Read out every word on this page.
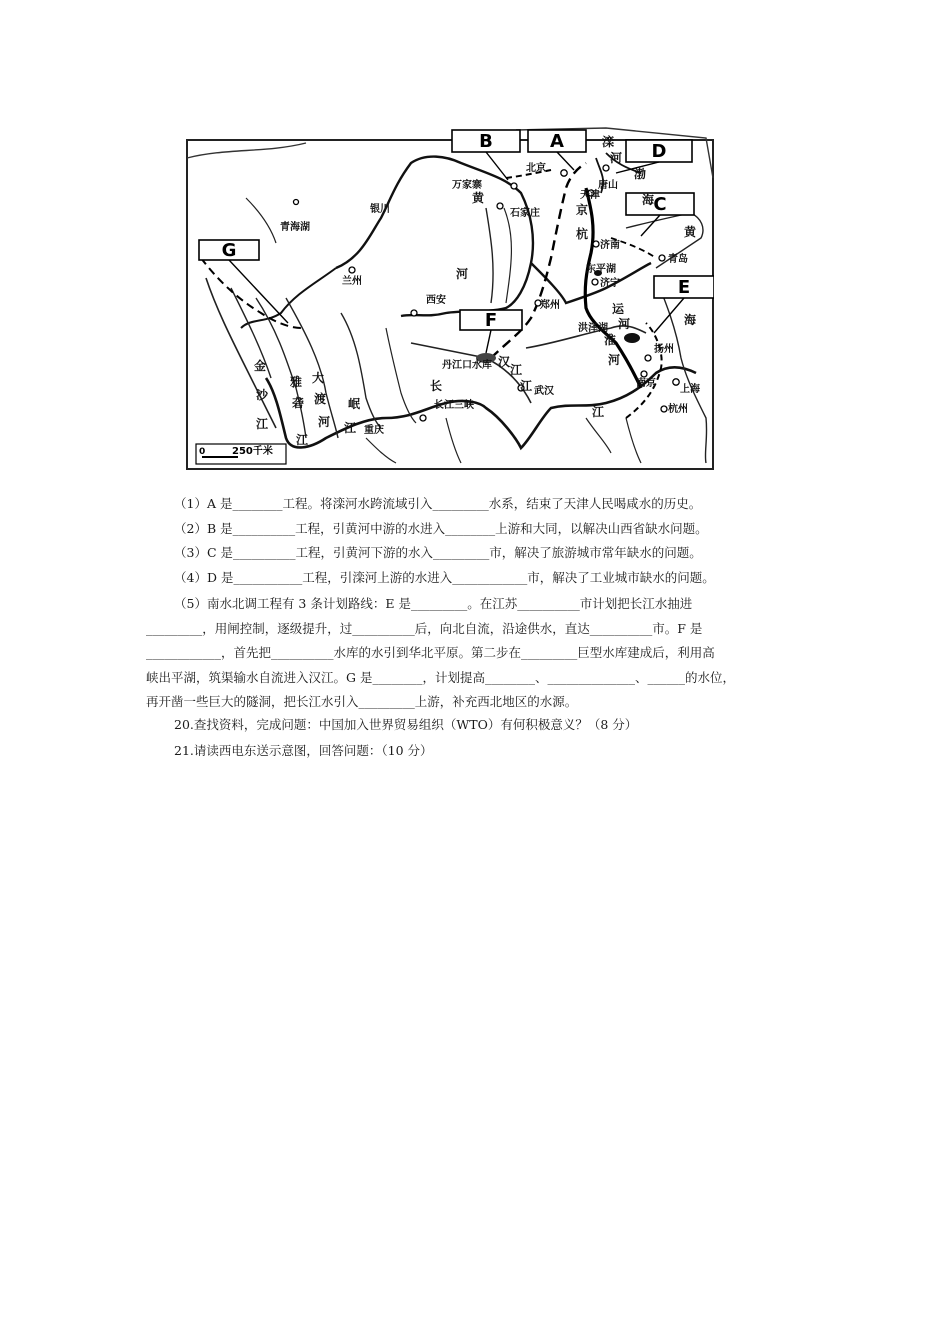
B	A	D
C
E
F
G
万家寨
北京
天津
唐山
石家庄
银川
青海湖
兰州
济南
东平湖
济宁
青岛
西安	郑州
丹江口水库
长江三峡
重庆
武汉
扬州
南京
上海
杭州
洪泽湖
黄
河
金
沙
江
雅
砻
江
大
渡
河
岷
江
长
江
江
汉
江
淮
河
京
杭
运
河
黄
海
渤
海
滦
河
0	250千米
（1）A 是________工程。将滦河水跨流域引入_________水系，结束了天津人民喝咸水的历史。
（2）B 是__________工程，引黄河中游的水进入________上游和大同，以解决山西省缺水问题。
（3）C 是__________工程，引黄河下游的水入_________市，解决了旅游城市常年缺水的问题。
（4）D 是___________工程，引滦河上游的水进入____________市，解决了工业城市缺水的问题。
（5）南水北调工程有 3 条计划路线：E 是_________。在江苏__________市计划把长江水抽进
_________，用闸控制，逐级提升，过__________后，向北自流，沿途供水，直达__________市。F 是
____________，首先把__________水库的水引到华北平原。第二步在_________巨型水库建成后，利用高
峡出平湖，筑渠输水自流进入汉江。G 是________，计划提高________、______________、______的水位，
再开凿一些巨大的隧洞，把长江水引入_________上游，补充西北地区的水源。
20.查找资料，完成问题：中国加入世界贸易组织（WTO）有何积极意义？（8 分）
21.请读西电东送示意图，回答问题：（10 分）
